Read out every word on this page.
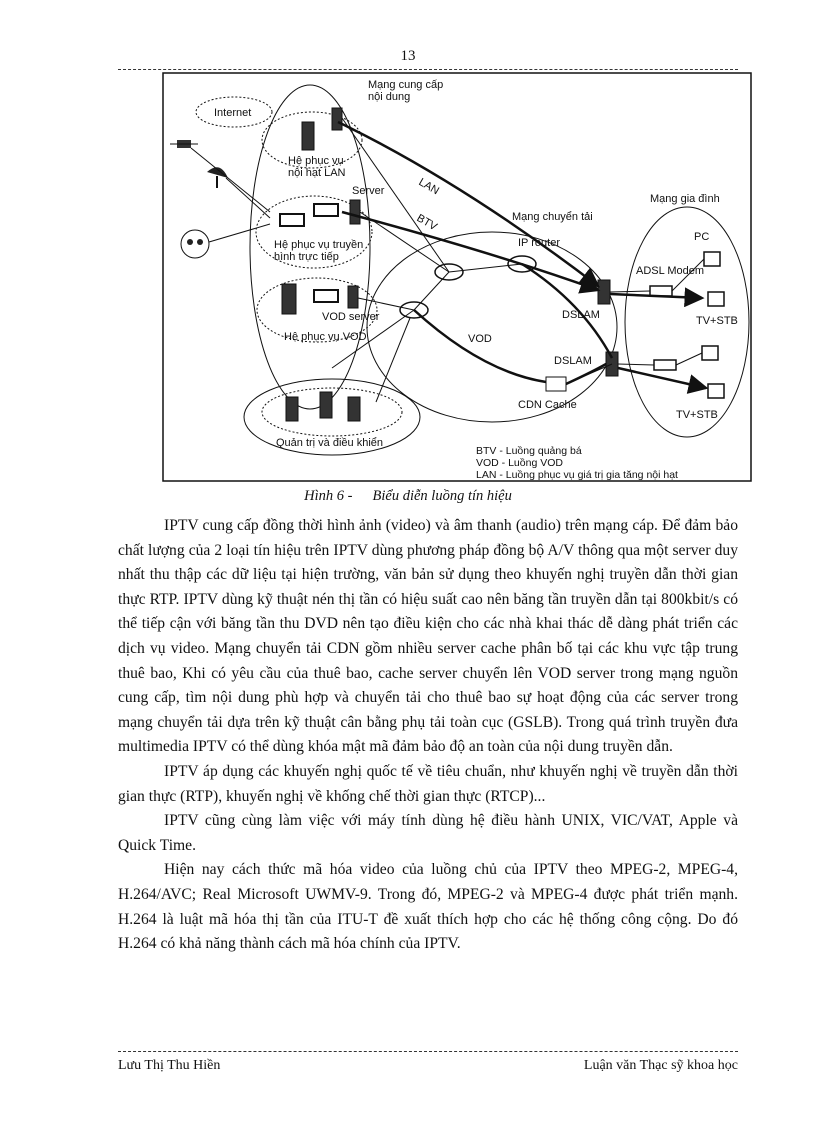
13
Mạng cung cấp
nội dung
Internet
Hệ phục vụ
nội hạt LAN
Server
Hệ phục vụ truyền
hình trực tiếp
VOD server
Hệ phục vụ VOD
Quản trị và điều khiển
Mạng chuyển tải
IP router
Mạng gia đình
PC
ADSL Modem
TV+STB
TV+STB
DSLAM
DSLAM
CDN Cache
LAN
BTV
VOD
BTV - Luồng quảng bá
VOD - Luồng VOD
LAN - Luồng phục vụ giá trị gia tăng nội hạt
Hình 6 - Biểu diễn luồng tín hiệu

IPTV cung cấp đồng thời hình ảnh (video) và âm thanh (audio) trên mạng cáp. Để đảm bảo chất lượng của 2 loại tín hiệu trên IPTV dùng phương pháp đồng bộ A/V thông qua một server duy nhất thu thập các dữ liệu tại hiện trường, văn bản sử dụng theo khuyến nghị truyền dẫn thời gian thực RTP. IPTV dùng kỹ thuật nén thị tần có hiệu suất cao nên băng tần truyền dẫn tại 800kbit/s có thể tiếp cận với băng tần thu DVD nên tạo điều kiện cho các nhà khai thác dễ dàng phát triển các dịch vụ video. Mạng chuyển tải CDN gồm nhiều server cache phân bố tại các khu vực tập trung thuê bao, Khi có yêu cầu của thuê bao, cache server chuyển lên VOD server trong mạng nguồn cung cấp, tìm nội dung phù hợp và chuyển tải cho thuê bao sự hoạt động của các server trong mạng chuyển tải dựa trên kỹ thuật cân bằng phụ tải toàn cục (GSLB). Trong quá trình truyền đưa multimedia IPTV có thể dùng khóa mật mã đảm bảo độ an toàn của nội dung truyền dẫn.

IPTV áp dụng các khuyến nghị quốc tế về tiêu chuẩn, như khuyến nghị về truyền dẫn thời gian thực (RTP), khuyến nghị về khống chế thời gian thực (RTCP)...

IPTV cũng cùng làm việc với máy tính dùng hệ điều hành UNIX, VIC/VAT, Apple và Quick Time.

Hiện nay cách thức mã hóa video của luồng chủ của IPTV theo MPEG-2, MPEG-4, H.264/AVC; Real Microsoft UWMV-9. Trong đó, MPEG-2 và MPEG-4 được phát triển mạnh. H.264 là luật mã hóa thị tần của ITU-T đề xuất thích hợp cho các hệ thống công cộng. Do đó H.264 có khả năng thành cách mã hóa chính của IPTV.

Lưu Thị Thu Hiền	Luận văn Thạc sỹ khoa học
